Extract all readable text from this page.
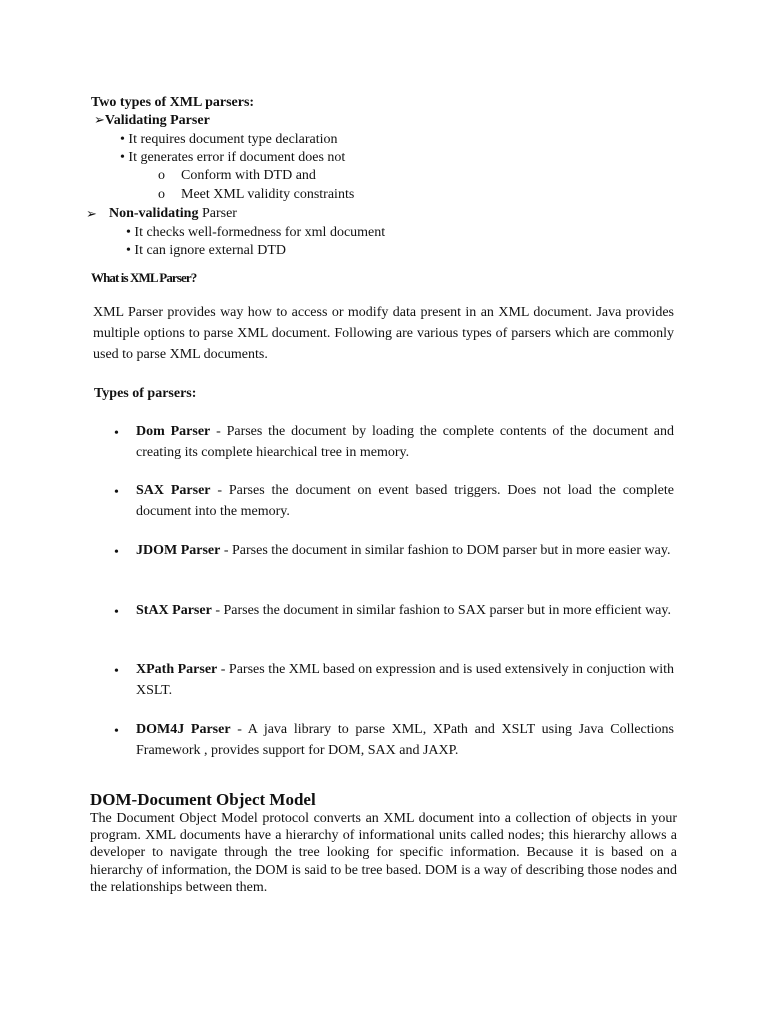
Two types of XML parsers:
➢Validating Parser
• It requires document type declaration
• It generates error if document does not
o Conform with DTD and
o Meet XML validity constraints
➢ Non-validating Parser
• It checks well-formedness for xml document
• It can ignore external DTD
What is XML Parser?
XML Parser provides way how to access or modify data present in an XML document. Java provides multiple options to parse XML document. Following are various types of parsers which are commonly used to parse XML documents.
Types of parsers:
• Dom Parser - Parses the document by loading the complete contents of the document and creating its complete hiearchical tree in memory.
• SAX Parser - Parses the document on event based triggers. Does not load the complete document into the memory.
• JDOM Parser - Parses the document in similar fashion to DOM parser but in more easier way.
• StAX Parser - Parses the document in similar fashion to SAX parser but in more efficient way.
• XPath Parser - Parses the XML based on expression and is used extensively in conjuction with XSLT.
• DOM4J Parser - A java library to parse XML, XPath and XSLT using Java Collections Framework , provides support for DOM, SAX and JAXP.
DOM-Document Object Model
The Document Object Model protocol converts an XML document into a collection of objects in your program. XML documents have a hierarchy of informational units called nodes; this hierarchy allows a developer to navigate through the tree looking for specific information. Because it is based on a hierarchy of information, the DOM is said to be tree based. DOM is a way of describing those nodes and the relationships between them.
